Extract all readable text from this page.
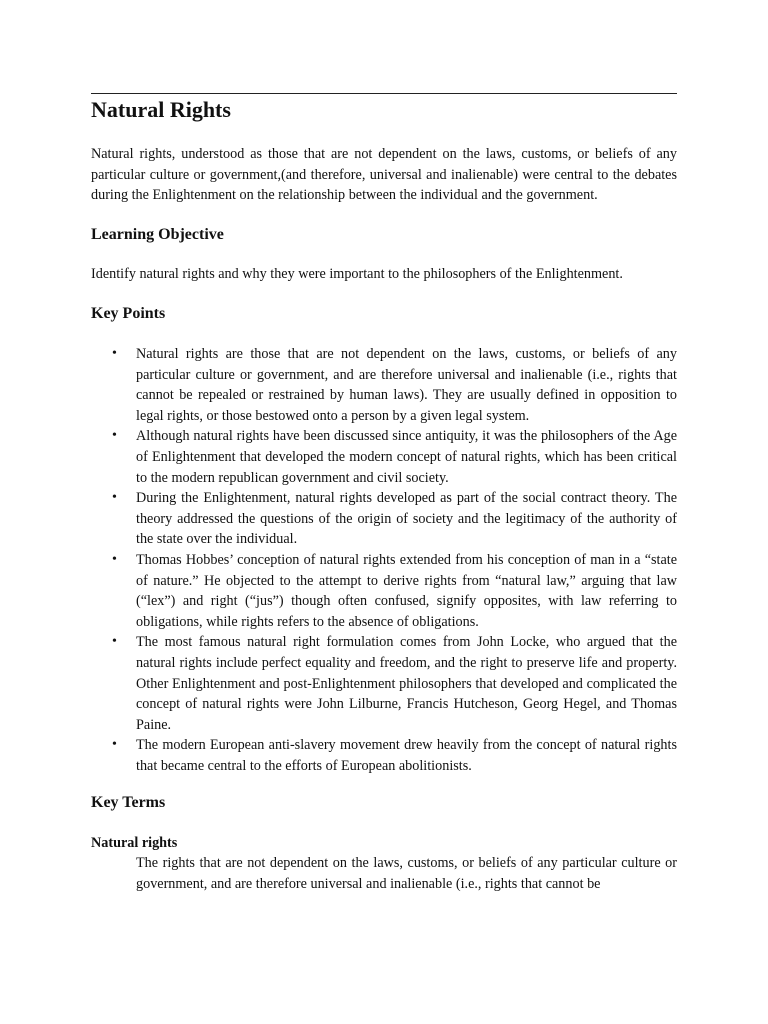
Natural Rights

Natural rights, understood as those that are not dependent on the laws, customs, or beliefs of any particular culture or government,(and therefore, universal and inalienable) were central to the debates during the Enlightenment on the relationship between the individual and the government.

Learning Objective

Identify natural rights and why they were important to the philosophers of the Enlightenment.

Key Points
• Natural rights are those that are not dependent on the laws, customs, or beliefs of any particular culture or government, and are therefore universal and inalienable (i.e., rights that cannot be repealed or restrained by human laws). They are usually defined in opposition to legal rights, or those bestowed onto a person by a given legal system.

• Although natural rights have been discussed since antiquity, it was the philosophers of the Age of Enlightenment that developed the modern concept of natural rights, which has been critical to the modern republican government and civil society.

• During the Enlightenment, natural rights developed as part of the social contract theory. The theory addressed the questions of the origin of society and the legitimacy of the authority of the state over the individual.

• Thomas Hobbes’ conception of natural rights extended from his conception of man in a “state of nature.” He objected to the attempt to derive rights from “natural law,” arguing that law (“lex”) and right (“jus”) though often confused, signify opposites, with law referring to obligations, while rights refers to the absence of obligations.

• The most famous natural right formulation comes from John Locke, who argued that the natural rights include perfect equality and freedom, and the right to preserve life and property. Other Enlightenment and post-Enlightenment philosophers that developed and complicated the concept of natural rights were John Lilburne, Francis Hutcheson, Georg Hegel, and Thomas Paine.

• The modern European anti-slavery movement drew heavily from the concept of natural rights that became central to the efforts of European abolitionists.

Key Terms

Natural rights

The rights that are not dependent on the laws, customs, or beliefs of any particular culture or government, and are therefore universal and inalienable (i.e., rights that cannot be
